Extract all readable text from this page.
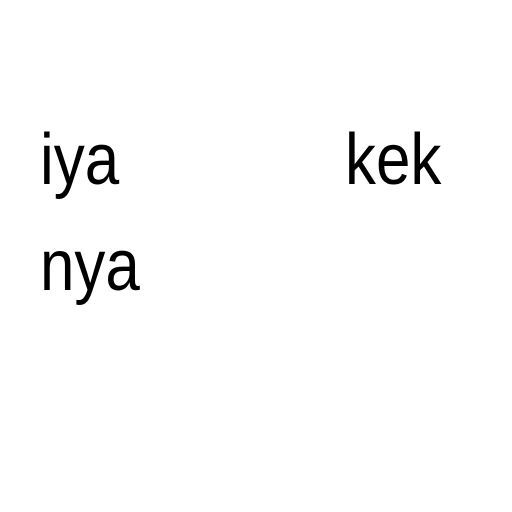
iya	kek
nya
